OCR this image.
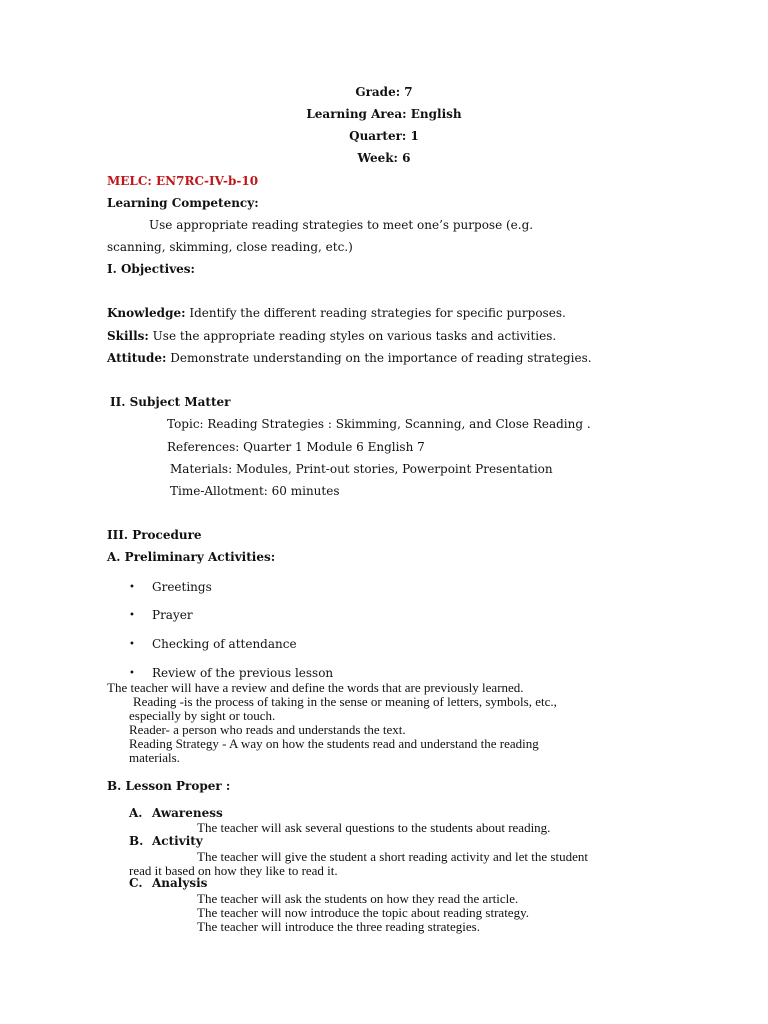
Grade: 7
Learning Area: English
Quarter: 1
Week: 6
MELC: EN7RC-IV-b-10
Learning Competency:
Use appropriate reading strategies to meet one’s purpose (e.g.
scanning, skimming, close reading, etc.)
I. Objectives:
Knowledge: Identify the different reading strategies for specific purposes.
Skills: Use the appropriate reading styles on various tasks and activities.
Attitude: Demonstrate understanding on the importance of reading strategies.
II. Subject Matter
Topic: Reading Strategies : Skimming, Scanning, and Close Reading .
References: Quarter 1 Module 6 English 7
Materials: Modules, Print-out stories, Powerpoint Presentation
Time-Allotment: 60 minutes
III. Procedure
A. Preliminary Activities:
• Greetings
• Prayer
• Checking of attendance
• Review of the previous lesson
The teacher will have a review and define the words that are previously learned.
Reading -is the process of taking in the sense or meaning of letters, symbols, etc.,
especially by sight or touch.
Reader- a person who reads and understands the text.
Reading Strategy - A way on how the students read and understand the reading
materials.
B. Lesson Proper :
A. Awareness
The teacher will ask several questions to the students about reading.
B. Activity
The teacher will give the student a short reading activity and let the student
read it based on how they like to read it.
C. Analysis
The teacher will ask the students on how they read the article.
The teacher will now introduce the topic about reading strategy.
The teacher will introduce the three reading strategies.
